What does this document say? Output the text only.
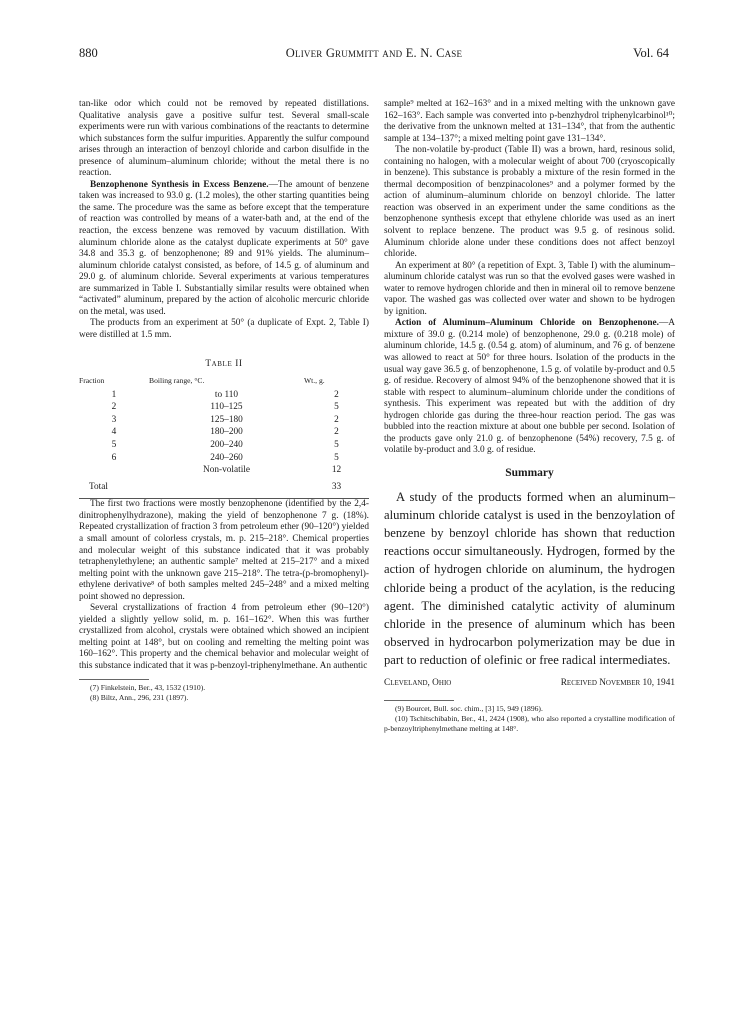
880	Oliver Grummitt and E. N. Case	Vol. 64

tan-like odor which could not be removed by repeated distillations. Qualitative analysis gave a positive sulfur test. Several small-scale experiments were run with various combinations of the reactants to determine which substances form the sulfur impurities. Apparently the sulfur compound arises through an interaction of benzoyl chloride and carbon disulfide in the presence of aluminum–aluminum chloride; without the metal there is no reaction.

Benzophenone Synthesis in Excess Benzene.—The amount of benzene taken was increased to 93.0 g. (1.2 moles), the other starting quantities being the same. The procedure was the same as before except that the temperature of reaction was controlled by means of a water-bath and, at the end of the reaction, the excess benzene was removed by vacuum distillation. With aluminum chloride alone as the catalyst duplicate experiments at 50° gave 34.8 and 35.3 g. of benzophenone; 89 and 91% yields. The aluminum–aluminum chloride catalyst consisted, as before, of 14.5 g. of aluminum and 29.0 g. of aluminum chloride. Several experiments at various temperatures are summarized in Table I. Substantially similar results were obtained when “activated” aluminum, prepared by the action of alcoholic mercuric chloride on the metal, was used.

The products from an experiment at 50° (a duplicate of Expt. 2, Table I) were distilled at 1.5 mm.

Table II
Fraction	Boiling range, °C.	Wt., g.
1	to 110	2
2	110–125	5
3	125–180	2
4	180–200	2
5	200–240	5
6	240–260	5
	Non-volatile	12
Total		33

The first two fractions were mostly benzophenone (identified by the 2,4-dinitrophenylhydrazone), making the yield of benzophenone 7 g. (18%). Repeated crystallization of fraction 3 from petroleum ether (90–120°) yielded a small amount of colorless crystals, m. p. 215–218°. Chemical properties and molecular weight of this substance indicated that it was probably tetraphenylethylene; an authentic sample⁷ melted at 215–217° and a mixed melting point with the unknown gave 215–218°. The tetra-(p-bromophenyl)-ethylene derivative⁸ of both samples melted 245–248° and a mixed melting point showed no depression.

Several crystallizations of fraction 4 from petroleum ether (90–120°) yielded a slightly yellow solid, m. p. 161–162°. When this was further crystallized from alcohol, crystals were obtained which showed an incipient melting point at 148°, but on cooling and remelting the melting point was 160–162°. This property and the chemical behavior and molecular weight of this substance indicated that it was p-benzoyl-triphenylmethane. An authentic

(7) Finkelstein, Ber., 43, 1532 (1910).

(8) Biltz, Ann., 296, 231 (1897).

sample⁹ melted at 162–163° and in a mixed melting with the unknown gave 162–163°. Each sample was converted into p-benzhydrol triphenylcarbinol¹⁰; the derivative from the unknown melted at 131–134°, that from the authentic sample at 134–137°; a mixed melting point gave 131–134°.

The non-volatile by-product (Table II) was a brown, hard, resinous solid, containing no halogen, with a molecular weight of about 700 (cryoscopically in benzene). This substance is probably a mixture of the resin formed in the thermal decomposition of benzpinacolones⁹ and a polymer formed by the action of aluminum–aluminum chloride on benzoyl chloride. The latter reaction was observed in an experiment under the same conditions as the benzophenone synthesis except that ethylene chloride was used as an inert solvent to replace benzene. The product was 9.5 g. of resinous solid. Aluminum chloride alone under these conditions does not affect benzoyl chloride.

An experiment at 80° (a repetition of Expt. 3, Table I) with the aluminum–aluminum chloride catalyst was run so that the evolved gases were washed in water to remove hydrogen chloride and then in mineral oil to remove benzene vapor. The washed gas was collected over water and shown to be hydrogen by ignition.

Action of Aluminum–Aluminum Chloride on Benzophenone.—A mixture of 39.0 g. (0.214 mole) of benzophenone, 29.0 g. (0.218 mole) of aluminum chloride, 14.5 g. (0.54 g. atom) of aluminum, and 76 g. of benzene was allowed to react at 50° for three hours. Isolation of the products in the usual way gave 36.5 g. of benzophenone, 1.5 g. of volatile by-product and 0.5 g. of residue. Recovery of almost 94% of the benzophenone showed that it is stable with respect to aluminum–aluminum chloride under the conditions of synthesis. This experiment was repeated but with the addition of dry hydrogen chloride gas during the three-hour reaction period. The gas was bubbled into the reaction mixture at about one bubble per second. Isolation of the products gave only 21.0 g. of benzophenone (54%) recovery, 7.5 g. of volatile by-product and 3.0 g. of residue.

Summary

A study of the products formed when an aluminum–aluminum chloride catalyst is used in the benzoylation of benzene by benzoyl chloride has shown that reduction reactions occur simultaneously. Hydrogen, formed by the action of hydrogen chloride on aluminum, the hydrogen chloride being a product of the acylation, is the reducing agent. The diminished catalytic activity of aluminum chloride in the presence of aluminum which has been observed in hydrocarbon polymerization may be due in part to reduction of olefinic or free radical intermediates.

Cleveland, Ohio	Received November 10, 1941

(9) Bourcet, Bull. soc. chim., [3] 15, 949 (1896).

(10) Tschitschibabin, Ber., 41, 2424 (1908), who also reported a crystalline modification of p-benzoyltriphenylmethane melting at 148°.
